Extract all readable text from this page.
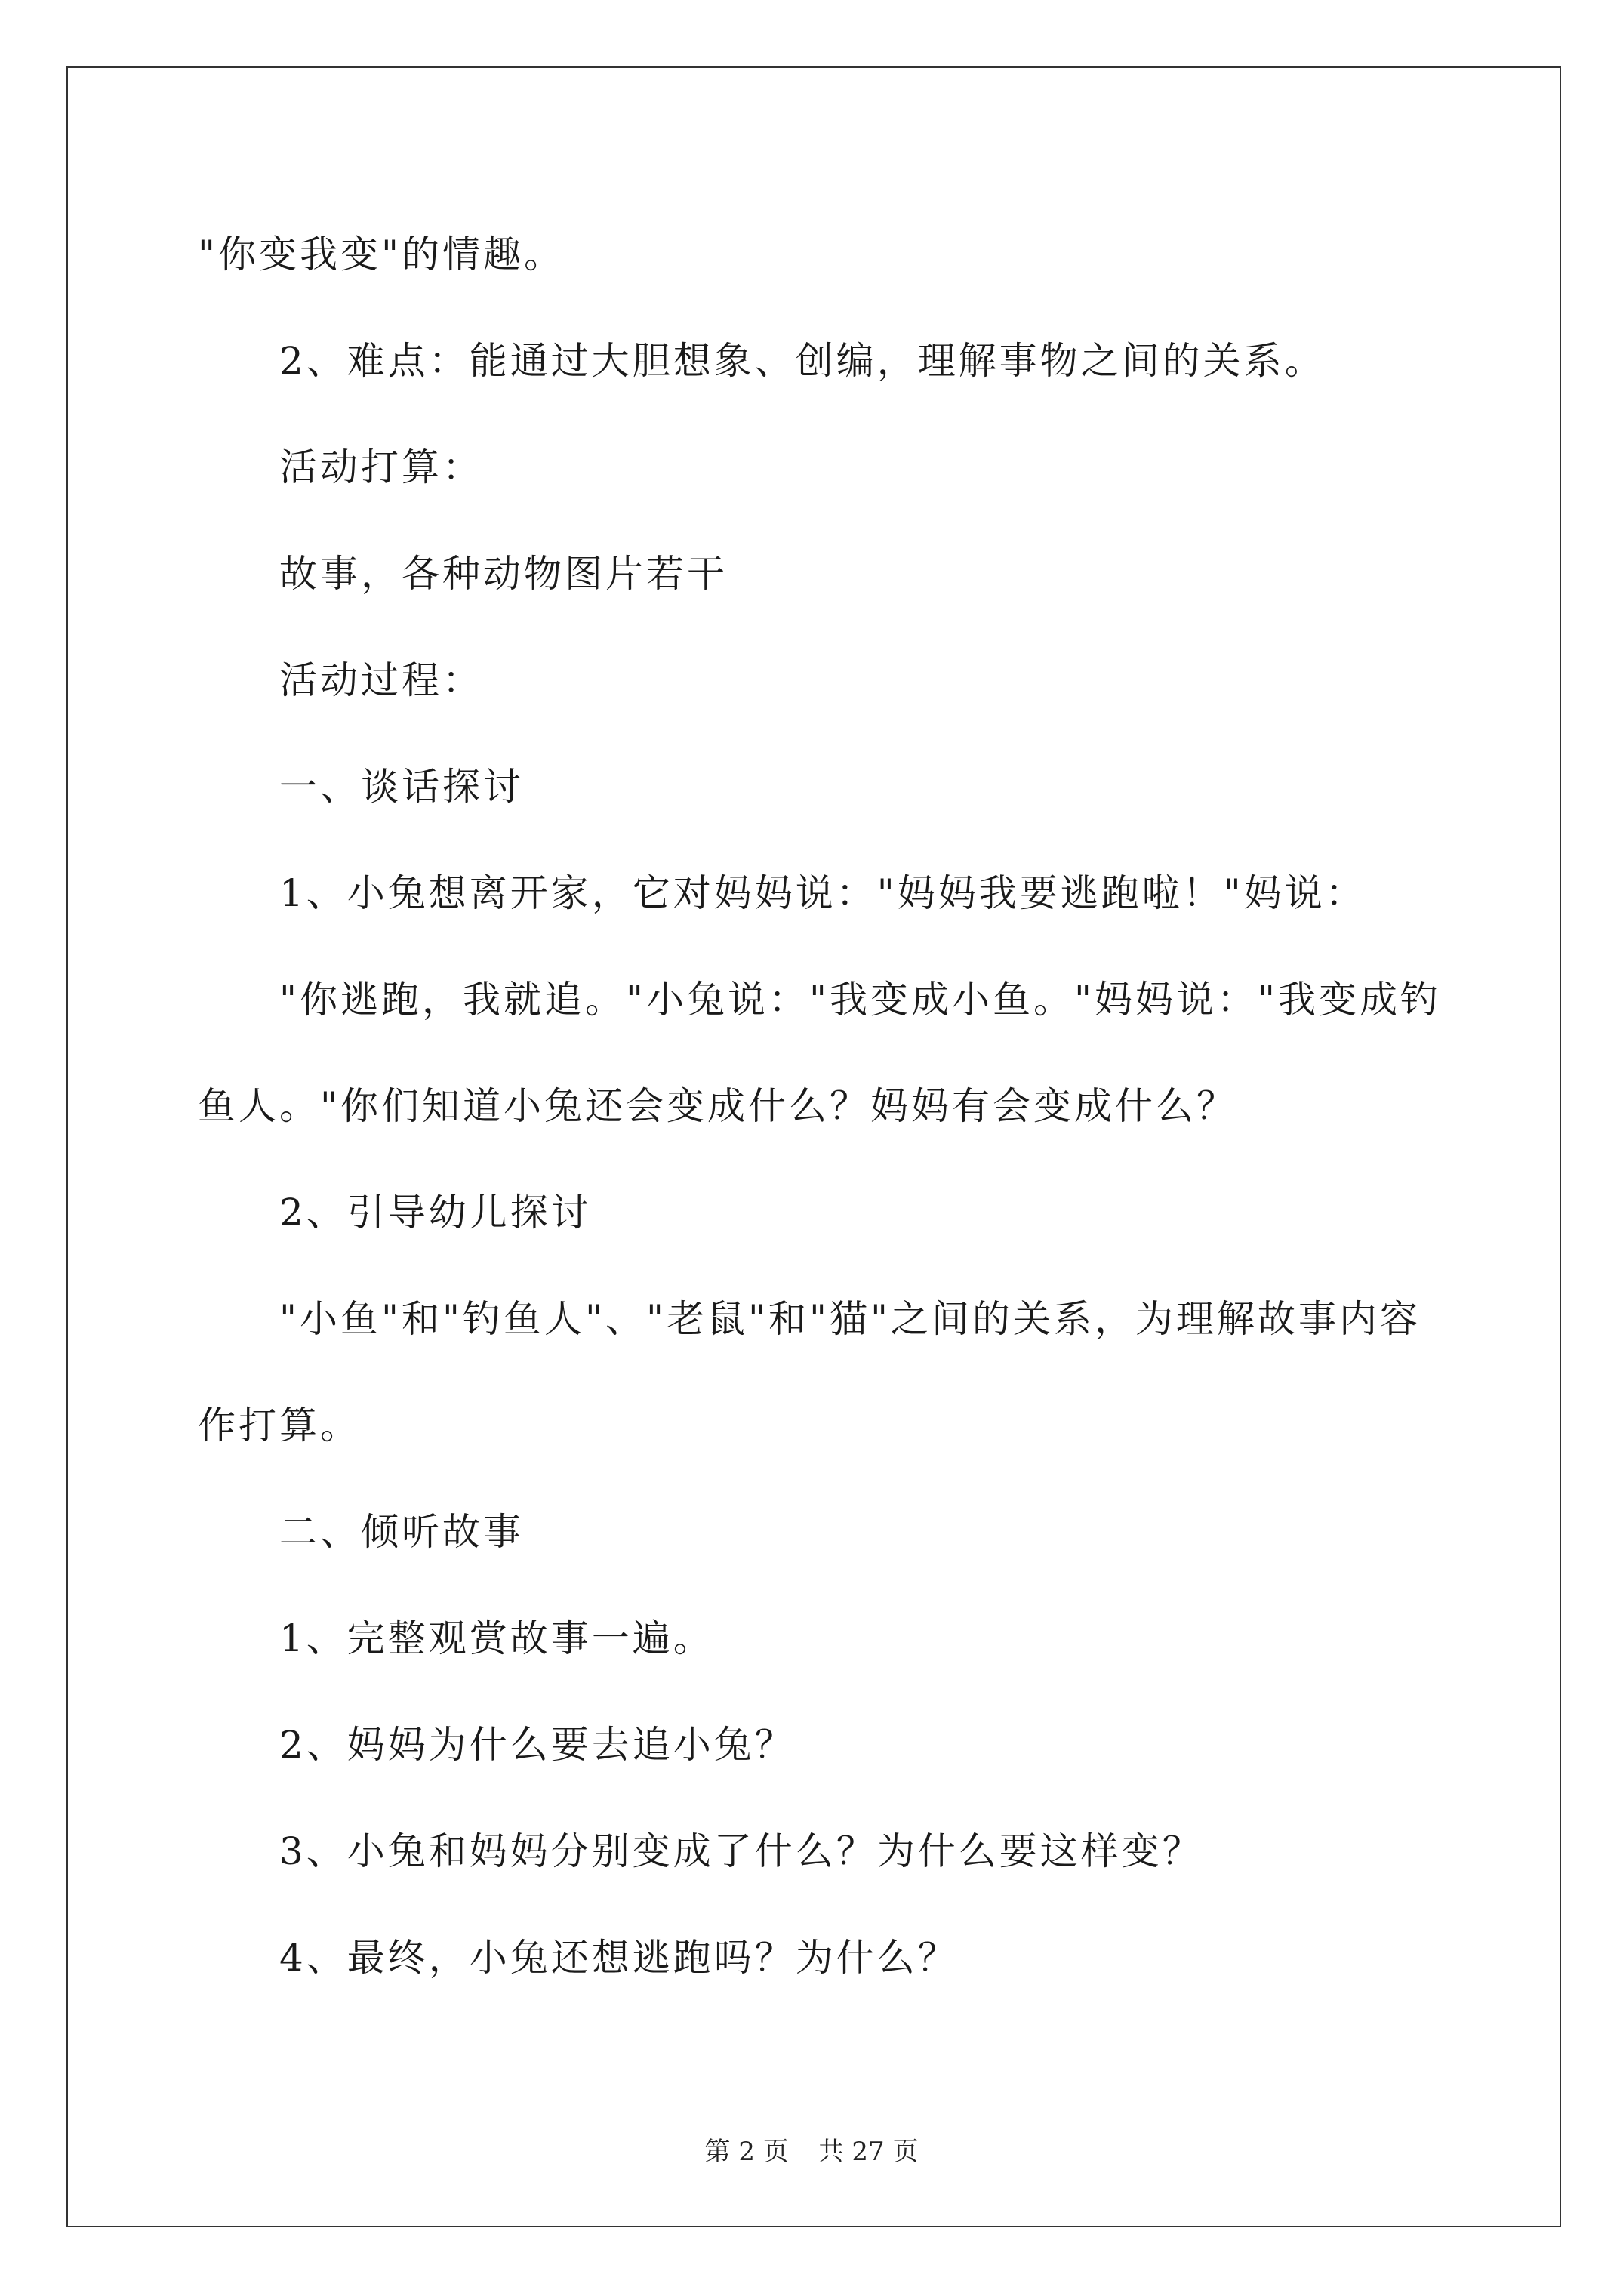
"你变我变"的情趣。
2、难点：能通过大胆想象、创编，理解事物之间的关系。
活动打算：
故事，各种动物图片若干
活动过程：
一、谈话探讨
1、小兔想离开家，它对妈妈说："妈妈我要逃跑啦！"妈说：
"你逃跑，我就追。"小兔说："我变成小鱼。"妈妈说："我变成钓
鱼人。"你们知道小兔还会变成什么？妈妈有会变成什么？
2、引导幼儿探讨
"小鱼"和"钓鱼人"、"老鼠"和"猫"之间的关系，为理解故事内容
作打算。
二、倾听故事
1、完整观赏故事一遍。
2、妈妈为什么要去追小兔？
3、小兔和妈妈分别变成了什么？为什么要这样变？
4、最终，小兔还想逃跑吗？为什么？
第 2 页 共 27 页
